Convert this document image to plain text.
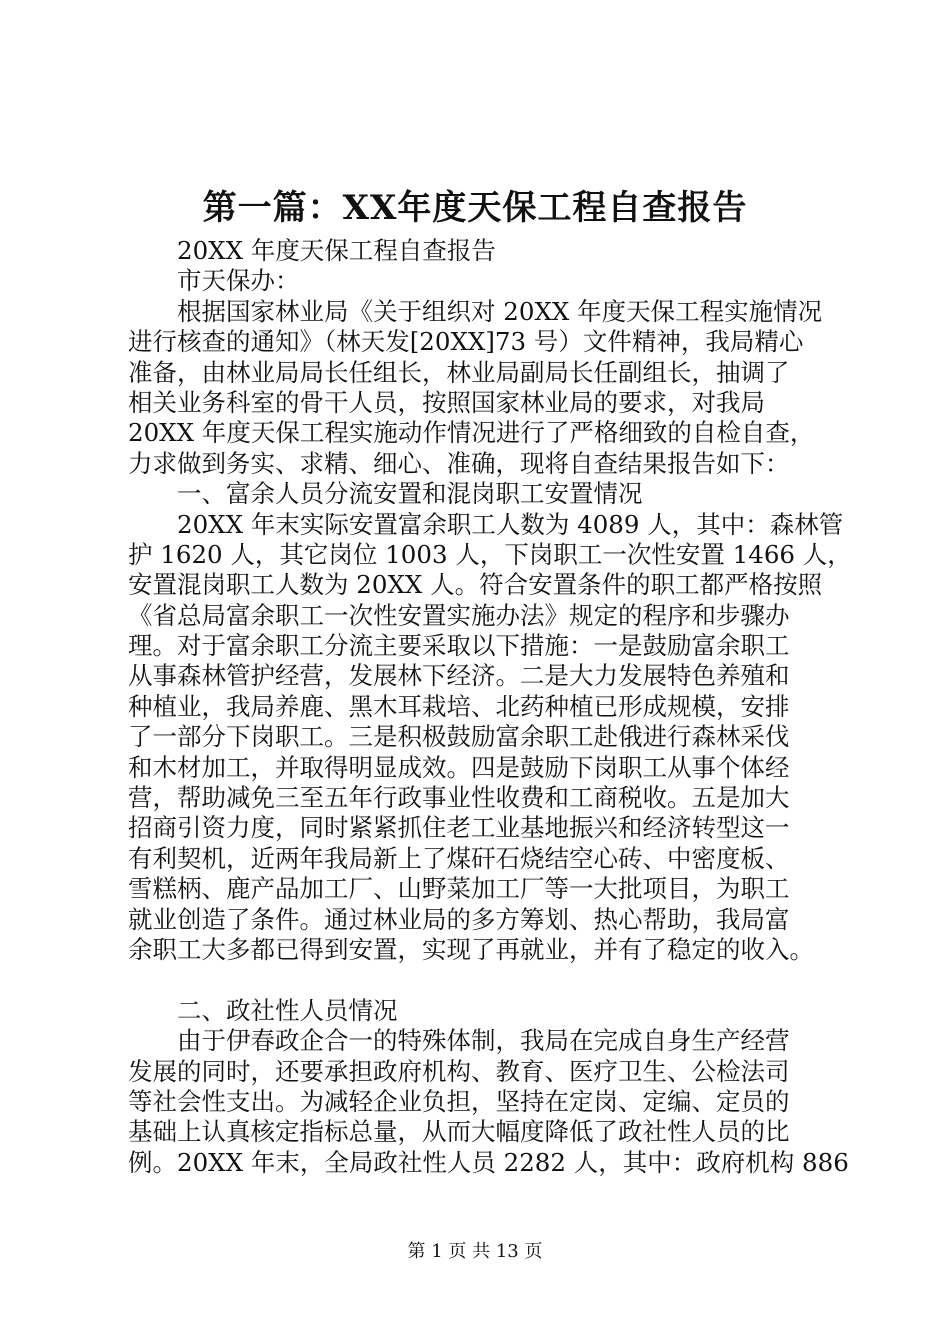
第一篇：XX年度天保工程自查报告
20XX 年度天保工程自查报告
市天保办：
根据国家林业局《关于组织对 20XX 年度天保工程实施情况
进行核查的通知》（林天发[20XX]73 号）文件精神，我局精心
准备，由林业局局长任组长，林业局副局长任副组长，抽调了
相关业务科室的骨干人员，按照国家林业局的要求，对我局
20XX 年度天保工程实施动作情况进行了严格细致的自检自查，
力求做到务实、求精、细心、准确，现将自查结果报告如下：
一、富余人员分流安置和混岗职工安置情况
20XX 年末实际安置富余职工人数为 4089 人，其中：森林管
护 1620 人，其它岗位 1003 人，下岗职工一次性安置 1466 人，
安置混岗职工人数为 20XX 人。符合安置条件的职工都严格按照
《省总局富余职工一次性安置实施办法》规定的程序和步骤办
理。对于富余职工分流主要采取以下措施：一是鼓励富余职工
从事森林管护经营，发展林下经济。二是大力发展特色养殖和
种植业，我局养鹿、黑木耳栽培、北药种植已形成规模，安排
了一部分下岗职工。三是积极鼓励富余职工赴俄进行森林采伐
和木材加工，并取得明显成效。四是鼓励下岗职工从事个体经
营，帮助减免三至五年行政事业性收费和工商税收。五是加大
招商引资力度，同时紧紧抓住老工业基地振兴和经济转型这一
有利契机，近两年我局新上了煤矸石烧结空心砖、中密度板、
雪糕柄、鹿产品加工厂、山野菜加工厂等一大批项目，为职工
就业创造了条件。通过林业局的多方筹划、热心帮助，我局富
余职工大多都已得到安置，实现了再就业，并有了稳定的收入。
二、政社性人员情况
由于伊春政企合一的特殊体制，我局在完成自身生产经营
发展的同时，还要承担政府机构、教育、医疗卫生、公检法司
等社会性支出。为减轻企业负担，坚持在定岗、定编、定员的
基础上认真核定指标总量，从而大幅度降低了政社性人员的比
例。20XX 年末，全局政社性人员 2282 人，其中：政府机构 886
第 1 页 共 13 页
